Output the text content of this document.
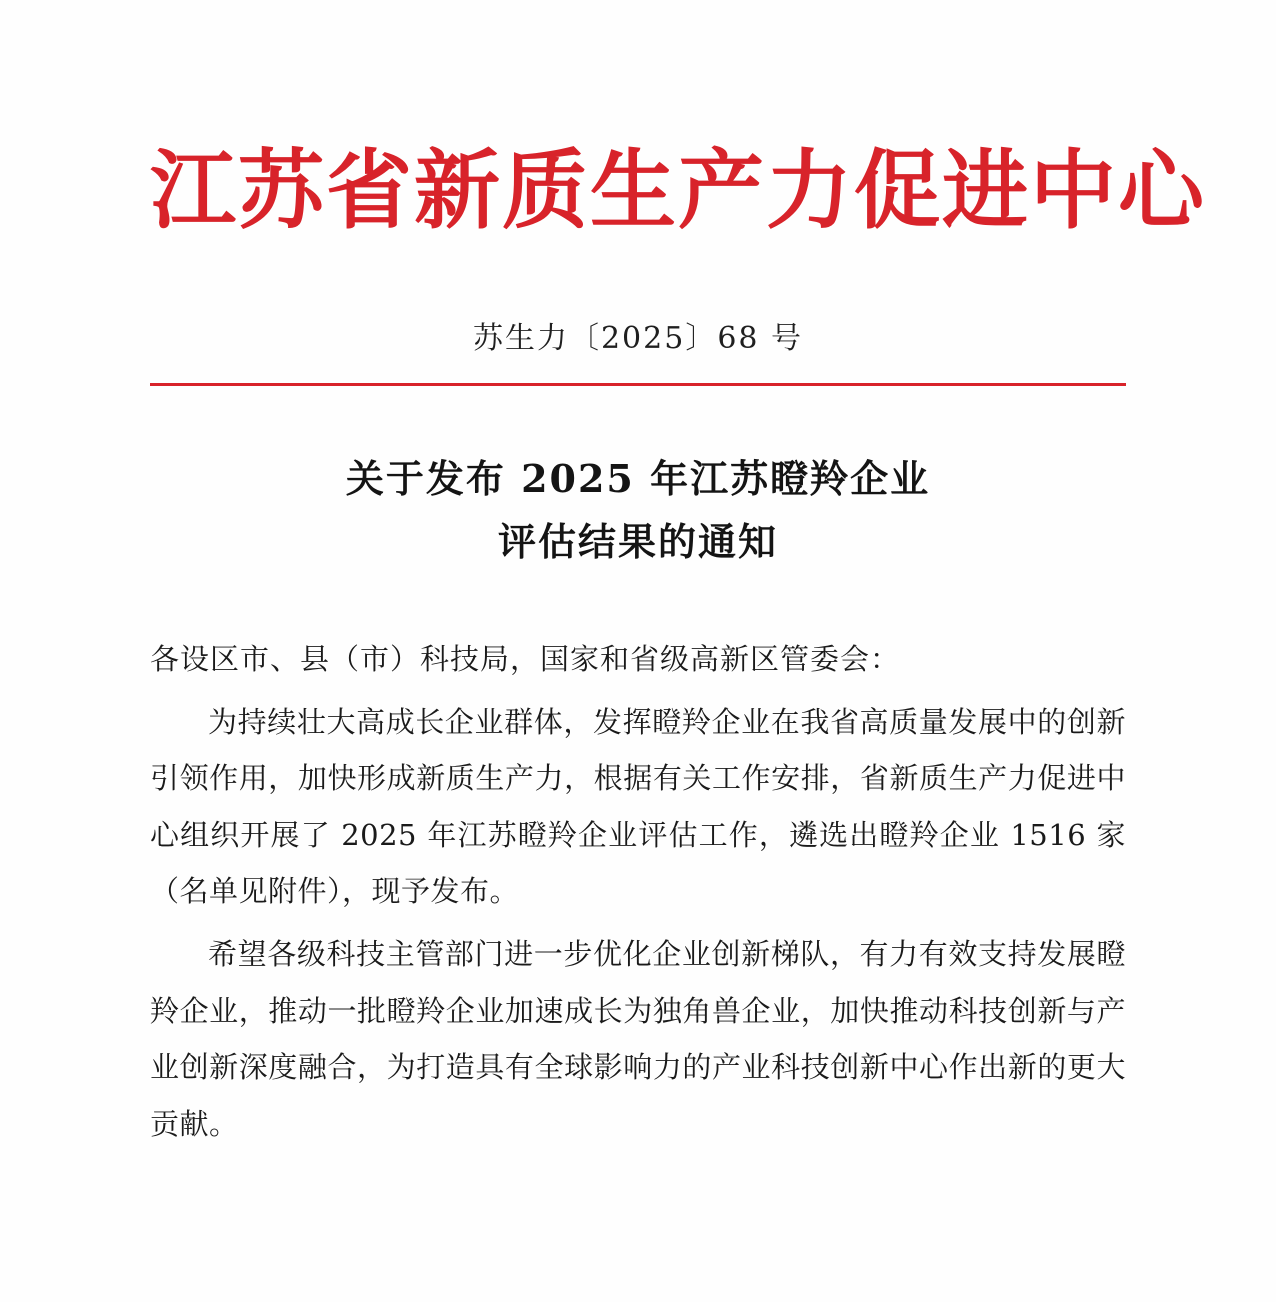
江苏省新质生产力促进中心
苏生力〔2025〕68 号
关于发布 2025 年江苏瞪羚企业
评估结果的通知
各设区市、县（市）科技局，国家和省级高新区管委会：
为持续壮大高成长企业群体，发挥瞪羚企业在我省高质量发展中的创新引领作用，加快形成新质生产力，根据有关工作安排，省新质生产力促进中心组织开展了 2025 年江苏瞪羚企业评估工作，遴选出瞪羚企业 1516 家（名单见附件），现予发布。
希望各级科技主管部门进一步优化企业创新梯队，有力有效支持发展瞪羚企业，推动一批瞪羚企业加速成长为独角兽企业，加快推动科技创新与产业创新深度融合，为打造具有全球影响力的产业科技创新中心作出新的更大贡献。
